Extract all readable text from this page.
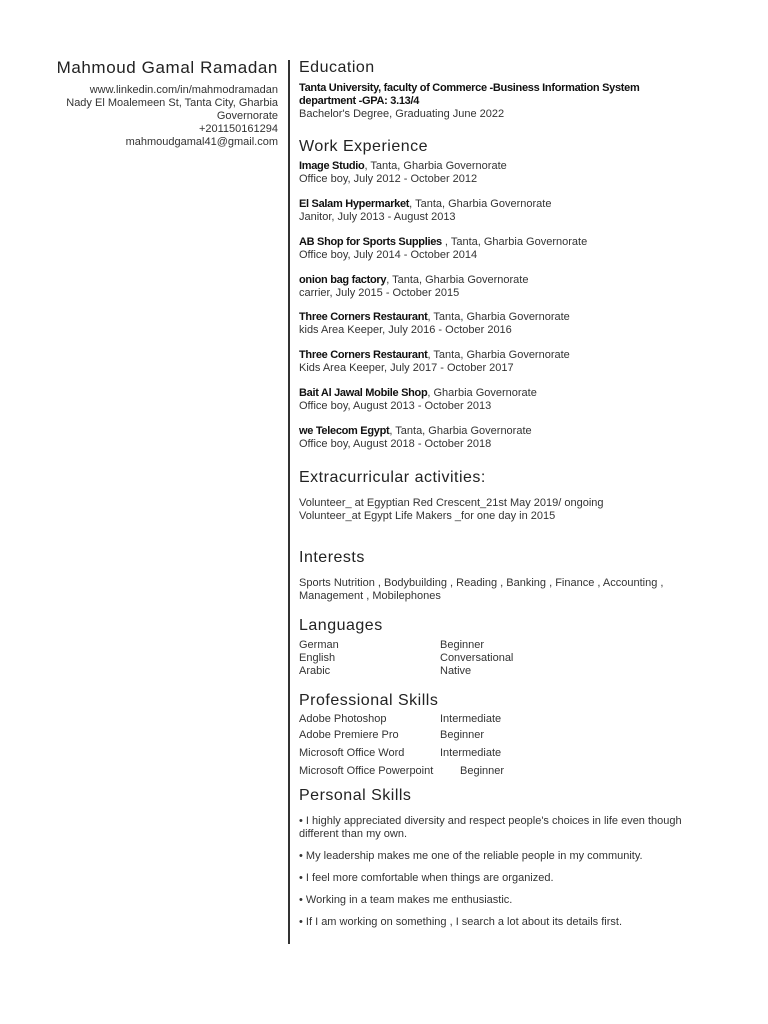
Mahmoud Gamal Ramadan
www.linkedin.com/in/mahmodramadan
Nady El Moalemeen St, Tanta City, Gharbia
Governorate
+201150161294
mahmoudgamal41@gmail.com
Education
Tanta University, faculty of Commerce -Business Information System
department -GPA: 3.13/4
Bachelor's Degree, Graduating June 2022
Work Experience
Image Studio, Tanta, Gharbia Governorate
Office boy, July 2012 - October 2012
El Salam Hypermarket, Tanta, Gharbia Governorate
Janitor, July 2013 - August 2013
AB Shop for Sports Supplies , Tanta, Gharbia Governorate
Office boy, July 2014 - October 2014
onion bag factory, Tanta, Gharbia Governorate
carrier, July 2015 - October 2015
Three Corners Restaurant, Tanta, Gharbia Governorate
kids Area Keeper, July 2016 - October 2016
Three Corners Restaurant, Tanta, Gharbia Governorate
Kids Area Keeper, July 2017 - October 2017
Bait Al Jawal Mobile Shop, Gharbia Governorate
Office boy, August 2013 - October 2013
we Telecom Egypt, Tanta, Gharbia Governorate
Office boy, August 2018 - October 2018
Extracurricular activities:
Volunteer_ at Egyptian Red Crescent_21st May 2019/ ongoing
Volunteer_at Egypt Life Makers _for one day in 2015
Interests
Sports Nutrition , Bodybuilding , Reading , Banking , Finance , Accounting ,
Management , Mobilephones
Languages
German	Beginner
English	Conversational
Arabic	Native
Professional Skills
Adobe Photoshop	Intermediate
Adobe Premiere Pro	Beginner
Microsoft Office Word	Intermediate
Microsoft Office Powerpoint Beginner
Personal Skills
• I highly appreciated diversity and respect people's choices in life even though different than my own.
• My leadership makes me one of the reliable people in my community.
• I feel more comfortable when things are organized.
• Working in a team makes me enthusiastic.
• If I am working on something , I search a lot about its details first.
